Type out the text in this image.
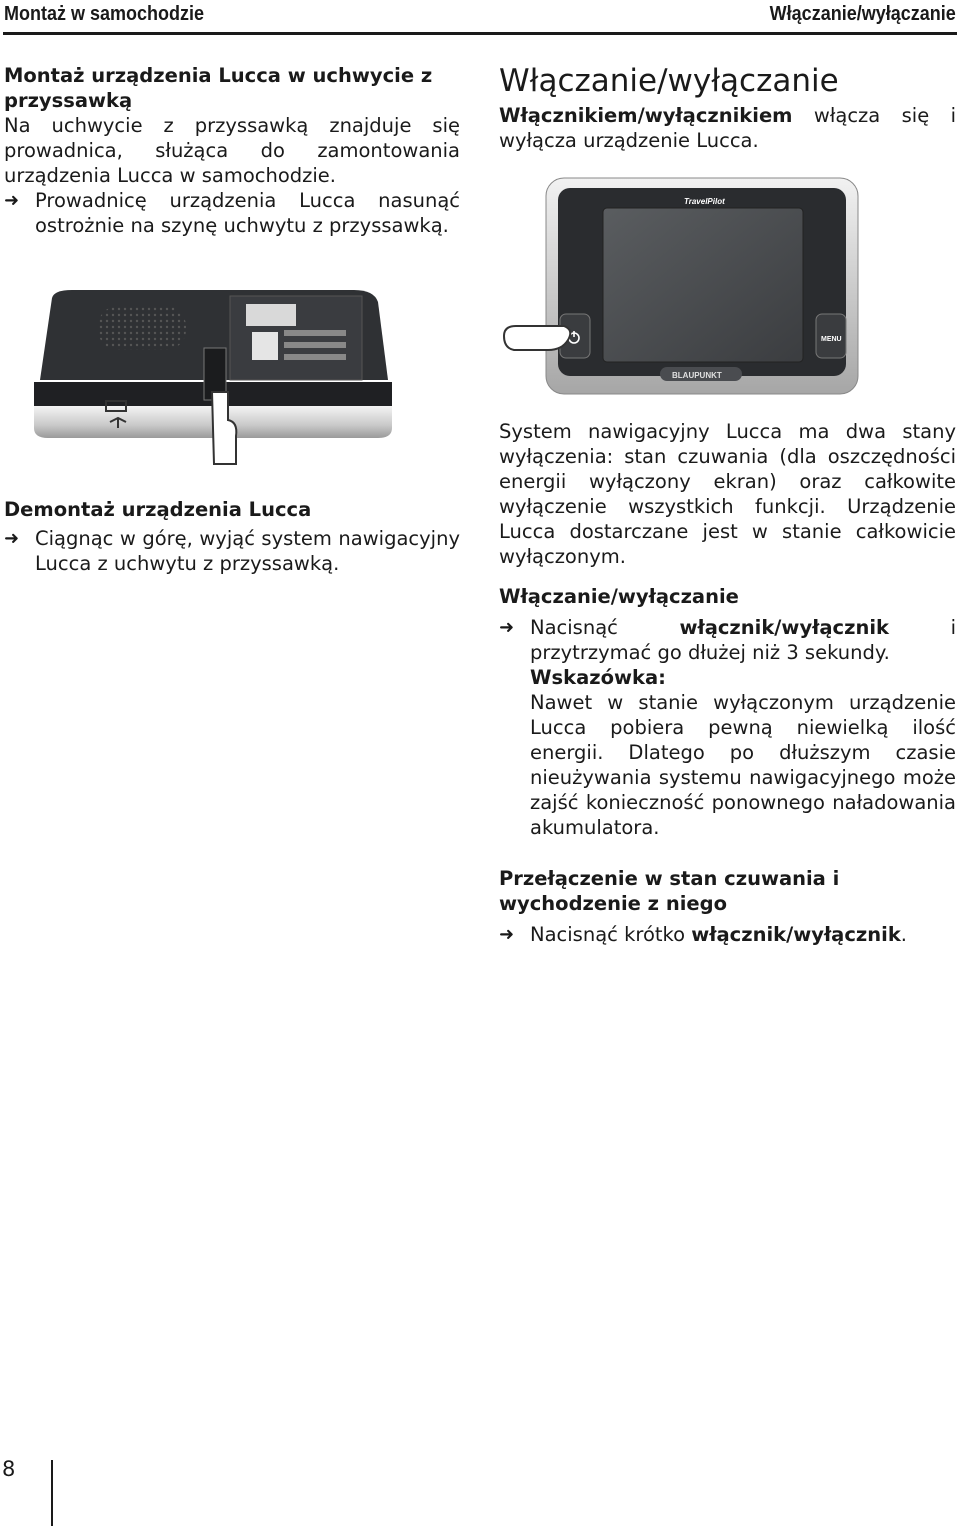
Montaż w samochodzie	Włączanie/wyłączanie

Montaż urządzenia Lucca w uchwycie z przyssawką

Na uchwycie z przyssawką znajduje się prowadnica, służąca do zamontowania urządzenia Lucca w samochodzie.

➜ Prowadnicę urządzenia Lucca nasunąć ostrożnie na szynę uchwytu z przyssawką.

Demontaż urządzenia Lucca

➜ Ciągnąc w górę, wyjąć system nawigacyjny Lucca z uchwytu z przyssawką.

Włączanie/wyłączanie

Włącznikiem/wyłącznikiem włącza się i wyłącza urządzenie Lucca.

TravelPilot
MENU
BLAUPUNKT

System nawigacyjny Lucca ma dwa stany wyłączenia: stan czuwania (dla oszczędności energii wyłączony ekran) oraz całkowite wyłączenie wszystkich funkcji. Urządzenie Lucca dostarczane jest w stanie całkowicie wyłączonym.

Włączanie/wyłączanie

➜ Nacisnąć włącznik/wyłącznik i przytrzymać go dłużej niż 3 sekundy.

Wskazówka:

Nawet w stanie wyłączonym urządzenie Lucca pobiera pewną niewielką ilość energii. Dlatego po dłuższym czasie nieużywania systemu nawigacyjnego może zajść konieczność ponownego naładowania akumulatora.

Przełączenie w stan czuwania i wychodzenie z niego

➜ Nacisnąć krótko włącznik/wyłącznik.

8
